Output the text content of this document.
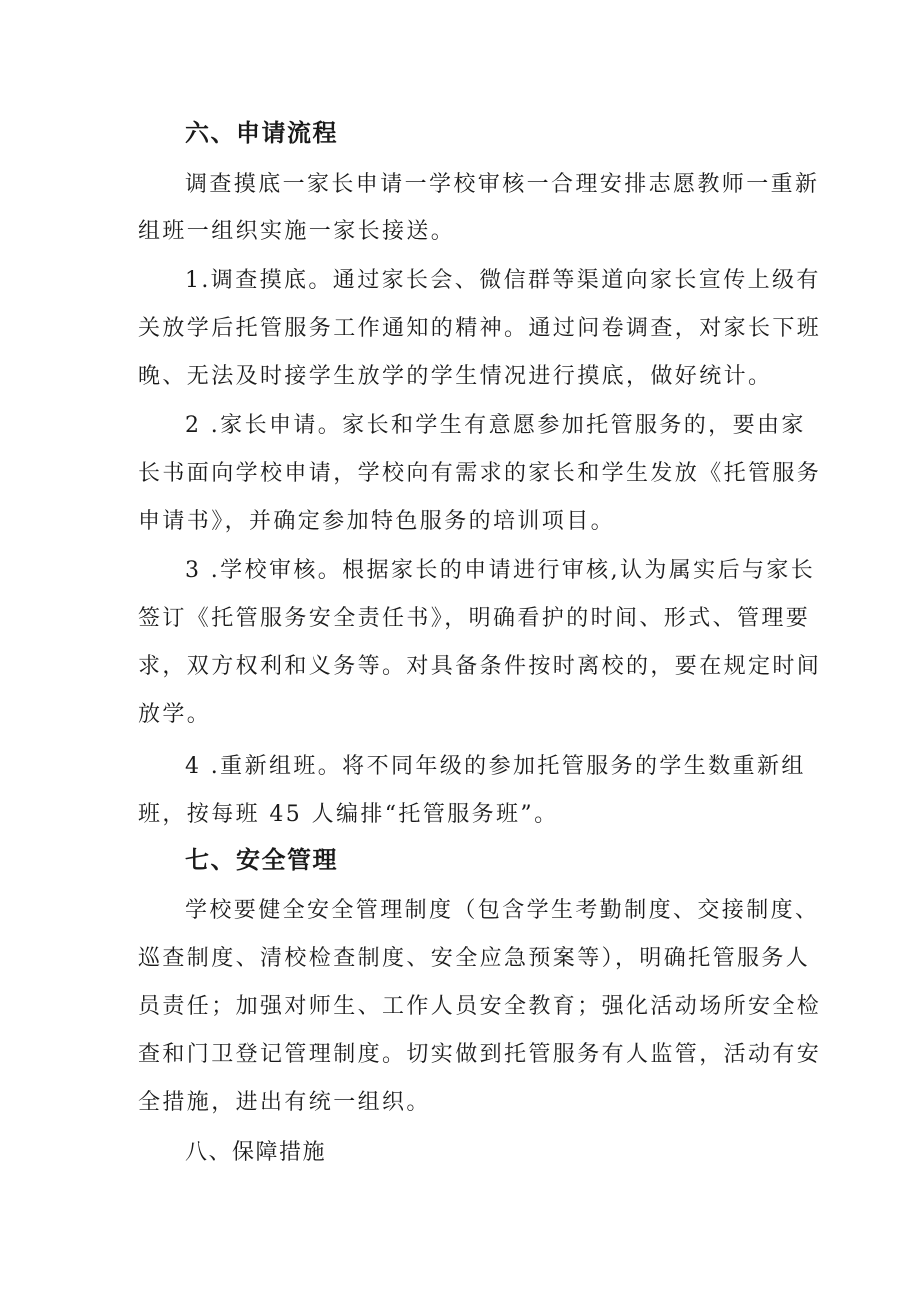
六、申请流程
调查摸底一家长申请一学校审核一合理安排志愿教师一重新
组班一组织实施一家长接送。
1.调查摸底。通过家长会、微信群等渠道向家长宣传上级有
关放学后托管服务工作通知的精神。通过问卷调查，对家长下班
晚、无法及时接学生放学的学生情况进行摸底，做好统计。
2 .家长申请。家长和学生有意愿参加托管服务的，要由家
长书面向学校申请，学校向有需求的家长和学生发放《托管服务
申请书》，并确定参加特色服务的培训项目。
3 .学校审核。根据家长的申请进行审核,认为属实后与家长
签订《托管服务安全责任书》，明确看护的时间、形式、管理要
求，双方权利和义务等。对具备条件按时离校的，要在规定时间
放学。
4 .重新组班。将不同年级的参加托管服务的学生数重新组
班，按每班 45 人编排“托管服务班”。
七、安全管理
学校要健全安全管理制度（包含学生考勤制度、交接制度、
巡查制度、清校检查制度、安全应急预案等），明确托管服务人
员责任；加强对师生、工作人员安全教育；强化活动场所安全检
查和门卫登记管理制度。切实做到托管服务有人监管，活动有安
全措施，进出有统一组织。
八、保障措施
